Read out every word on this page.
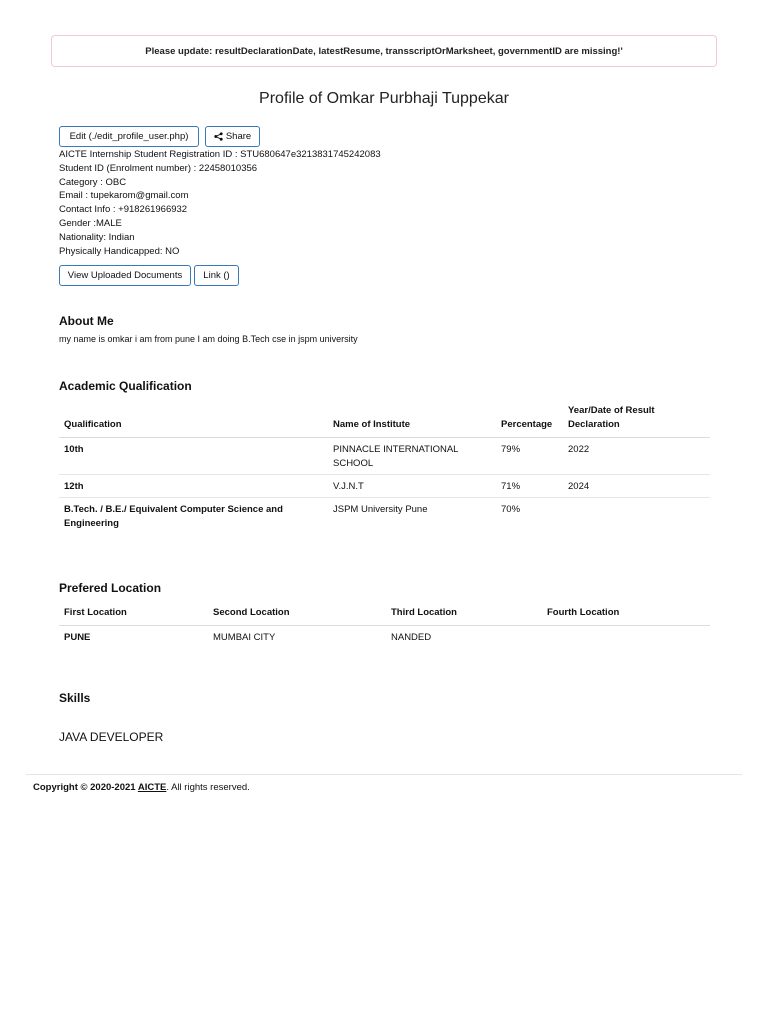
Please update: resultDeclarationDate, latestResume, transscriptOrMarksheet, governmentID are missing!'
Profile of Omkar Purbhaji Tuppekar
Edit (./edit_profile_user.php)	Share
AICTE Internship Student Registration ID : STU680647e3213831745242083
Student ID (Enrolment number) : 22458010356
Category : OBC
Email : tupekarom@gmail.com
Contact Info : +918261966932
Gender :MALE
Nationality: Indian
Physically Handicapped: NO
View Uploaded Documents Link ()
About Me
my name is omkar i am from pune I am doing B.Tech cse in jspm university
Academic Qualification
Qualification	Name of Institute	Percentage	Year/Date of Result Declaration
10th	PINNACLE INTERNATIONAL SCHOOL	79%	2022
12th	V.J.N.T	71%	2024
B.Tech. / B.E./ Equivalent Computer Science and Engineering	JSPM University Pune	70%	
Prefered Location
First Location	Second Location	Third Location	Fourth Location
PUNE	MUMBAI CITY	NANDED	
Skills
JAVA DEVELOPER
Copyright © 2020-2021 AICTE. All rights reserved.
